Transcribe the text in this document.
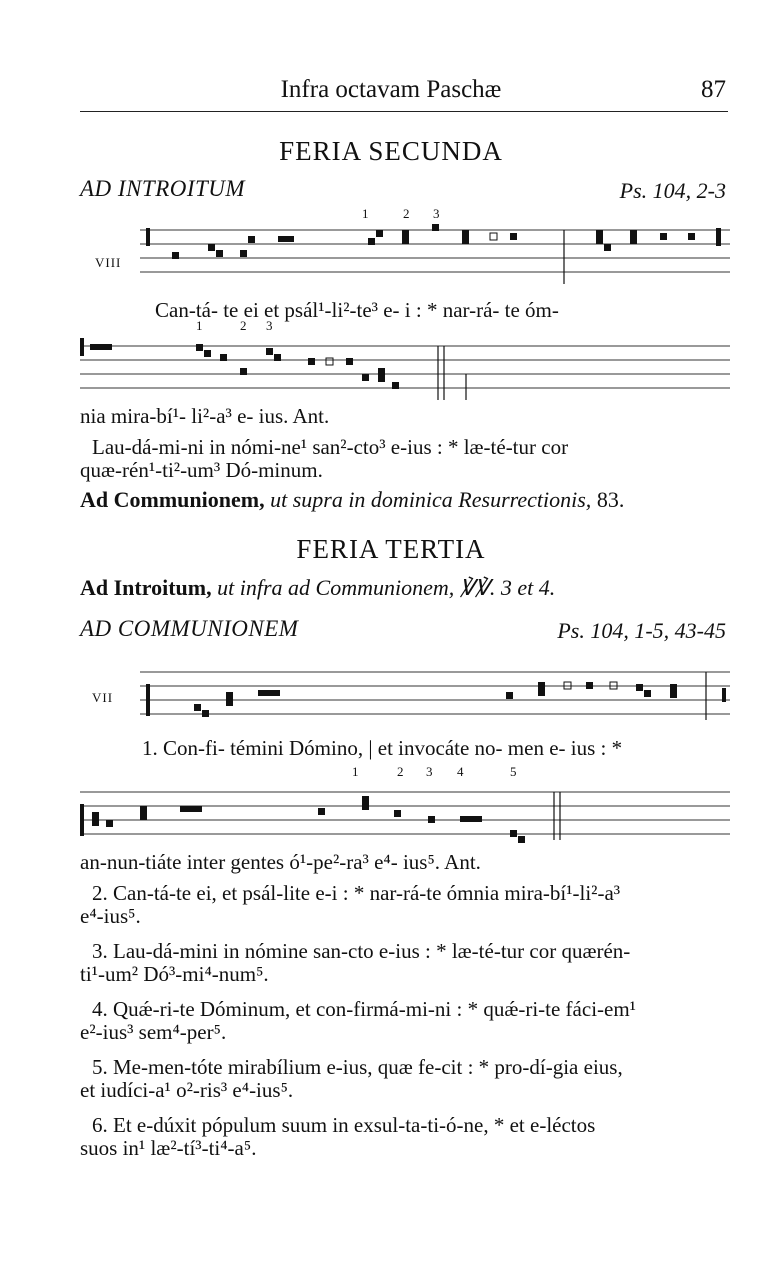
Infra octavam Paschæ	87
FERIA SECUNDA
AD INTROITUM	Ps. 104, 2-3
VIII
1	2 3
Can-tá- te ei et psál¹-li²-te³ e- i : * nar-rá- te óm-
1	2 3
nia mira-bí¹- li²-a³ e- ius. Ant.
Lau-dá-mi-ni in nómi-ne¹ san²-cto³ e-ius : * læ-té-tur cor
quæ-rén¹-ti²-um³ Dó-minum.
Ad Communionem, ut supra in dominica Resurrectionis, 83.
FERIA TERTIA
Ad Introitum, ut infra ad Communionem, ℣℣. 3 et 4.
AD COMMUNIONEM	Ps. 104, 1-5, 43-45
VII
1. Con-fi- témini Dómino, | et invocáte no- men e- ius : *
1	2 3 4	5
an-nun-tiáte inter gentes ó¹-pe²-ra³ e⁴- ius⁵. Ant.
2. Can-tá-te ei, et psál-lite e-i : * nar-rá-te ómnia mira-bí¹-li²-a³
e⁴-ius⁵.
3. Lau-dá-mini in nómine san-cto e-ius : * læ-té-tur cor quærén-
ti¹-um² Dó³-mi⁴-num⁵.
4. Quǽ-ri-te Dóminum, et con-firmá-mi-ni : * quǽ-ri-te fáci-em¹
e²-ius³ sem⁴-per⁵.
5. Me-men-tóte mirabílium e-ius, quæ fe-cit : * pro-dí-gia eius,
et iudíci-a¹ o²-ris³ e⁴-ius⁵.
6. Et e-dúxit pópulum suum in exsul-ta-ti-ó-ne, * et e-léctos
suos in¹ læ²-tí³-ti⁴-a⁵.
